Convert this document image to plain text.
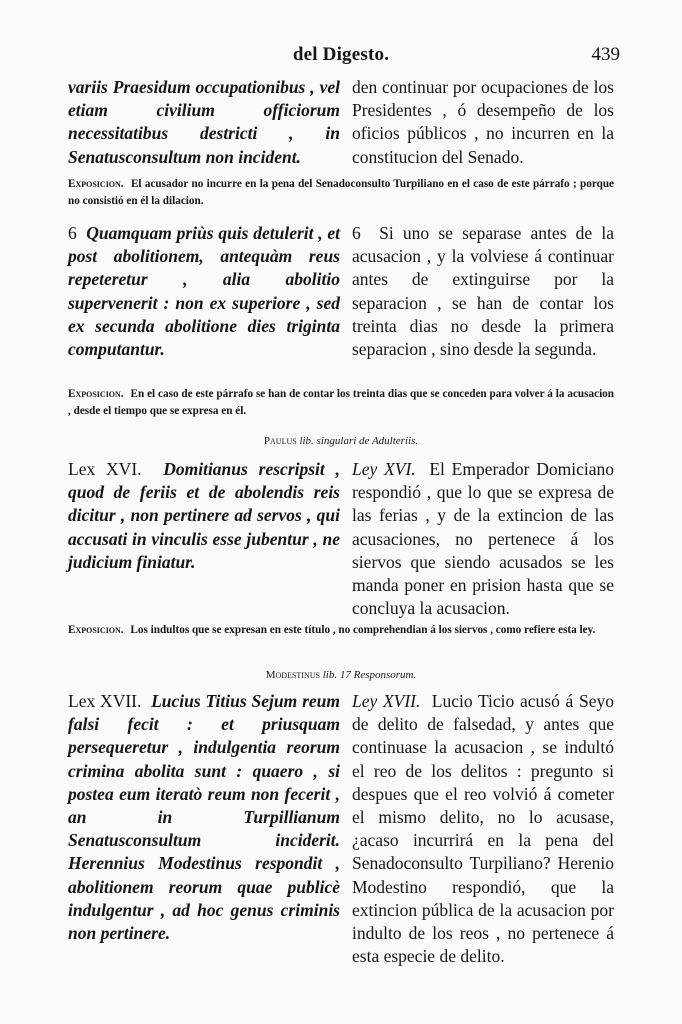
del Digesto.	439

variis Praesidum occupationibus , vel etiam civilium officiorum necessitatibus destricti , in Senatusconsultum non incident.

den continuar por ocupaciones de los Presidentes , ó desempeño de los oficios públicos , no incurren en la constitucion del Senado.

Exposicion. El acusador no incurre en la pena del Senadoconsulto Turpiliano en el caso de este párrafo ; porque no consistió en él la dilacion.

6 Quamquam priùs quis detulerit , et post abolitionem, antequàm reus repeteretur , alia abolitio supervenerit : non ex superiore , sed ex secunda abolitione dies triginta computantur.

6 Si uno se separase antes de la acusacion , y la volviese á continuar antes de extinguirse por la separacion , se han de contar los treinta dias no desde la primera separacion , sino desde la segunda.

Exposicion. En el caso de este párrafo se han de contar los treinta dias que se conceden para volver á la acusacion , desde el tiempo que se expresa en él.
Paulus lib. singulari de Adulteriis.

Lex XVI. Domitianus rescripsit , quod de feriis et de abolendis reis dicitur , non pertinere ad servos , qui accusati in vinculis esse jubentur , ne judicium finiatur.

Ley XVI. El Emperador Domiciano respondió , que lo que se expresa de las ferias , y de la extincion de las acusaciones, no pertenece á los siervos que siendo acusados se les manda poner en prision hasta que se concluya la acusacion.

Exposicion. Los indultos que se expresan en este título , no comprehendian á los siervos , como refiere esta ley.
Modestinus lib. 17 Responsorum.

Lex XVII. Lucius Titius Sejum reum falsi fecit : et priusquam persequeretur , indulgentia reorum crimina abolita sunt : quaero , si postea eum iteratò reum non fecerit , an in Turpillianum Senatusconsultum inciderit. Herennius Modestinus respondit , abolitionem reorum quae publicè indulgentur , ad hoc genus criminis non pertinere.

Ley XVII. Lucio Ticio acusó á Seyo de delito de falsedad, y antes que continuase la acusacion , se indultó el reo de los delitos : pregunto si despues que el reo volvió á cometer el mismo delito, no lo acusase, ¿acaso incurrirá en la pena del Senadoconsulto Turpiliano? Herenio Modestino respondió, que la extincion pública de la acusacion por indulto de los reos , no pertenece á esta especie de delito.
